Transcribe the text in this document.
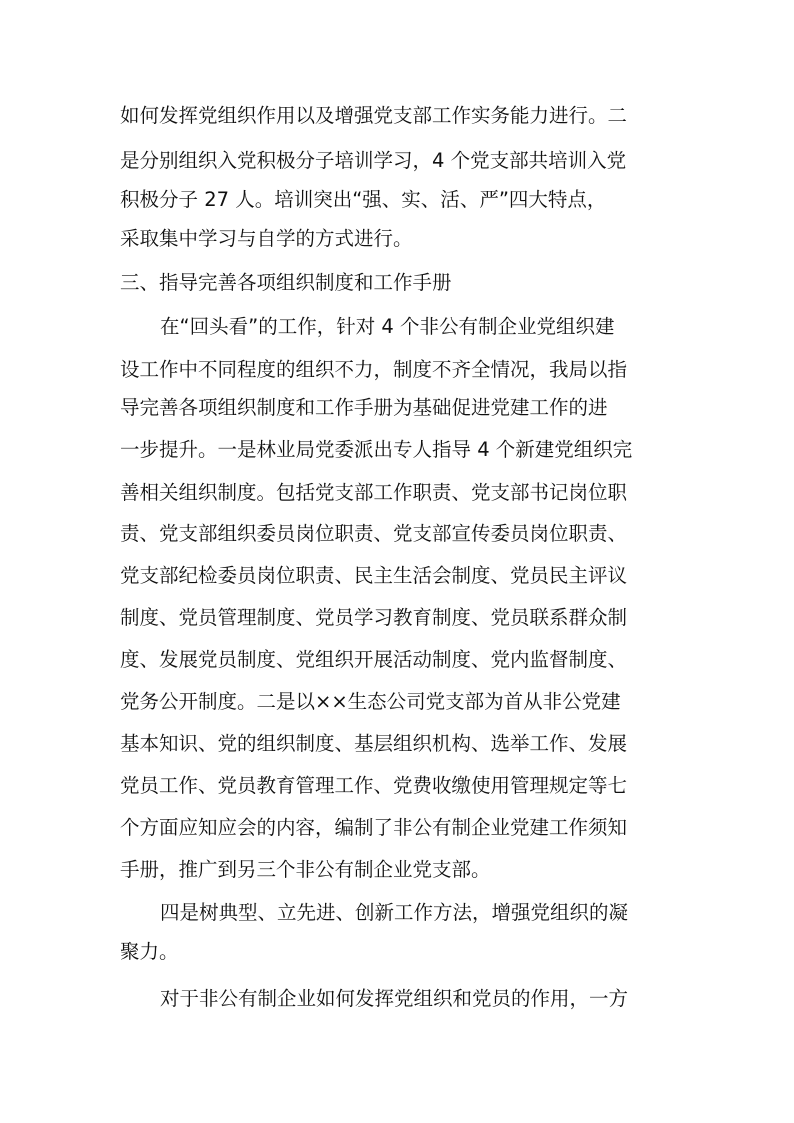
如何发挥党组织作用以及增强党支部工作实务能力进行。二
是分别组织入党积极分子培训学习，4 个党支部共培训入党
积极分子 27 人。培训突出“强、实、活、严”四大特点，
采取集中学习与自学的方式进行。
三、指导完善各项组织制度和工作手册
在“回头看”的工作，针对 4 个非公有制企业党组织建
设工作中不同程度的组织不力，制度不齐全情况，我局以指
导完善各项组织制度和工作手册为基础促进党建工作的进
一步提升。一是林业局党委派出专人指导 4 个新建党组织完
善相关组织制度。包括党支部工作职责、党支部书记岗位职
责、党支部组织委员岗位职责、党支部宣传委员岗位职责、
党支部纪检委员岗位职责、民主生活会制度、党员民主评议
制度、党员管理制度、党员学习教育制度、党员联系群众制
度、发展党员制度、党组织开展活动制度、党内监督制度、
党务公开制度。二是以××生态公司党支部为首从非公党建
基本知识、党的组织制度、基层组织机构、选举工作、发展
党员工作、党员教育管理工作、党费收缴使用管理规定等七
个方面应知应会的内容，编制了非公有制企业党建工作须知
手册，推广到另三个非公有制企业党支部。
四是树典型、立先进、创新工作方法，增强党组织的凝
聚力。
对于非公有制企业如何发挥党组织和党员的作用，一方
